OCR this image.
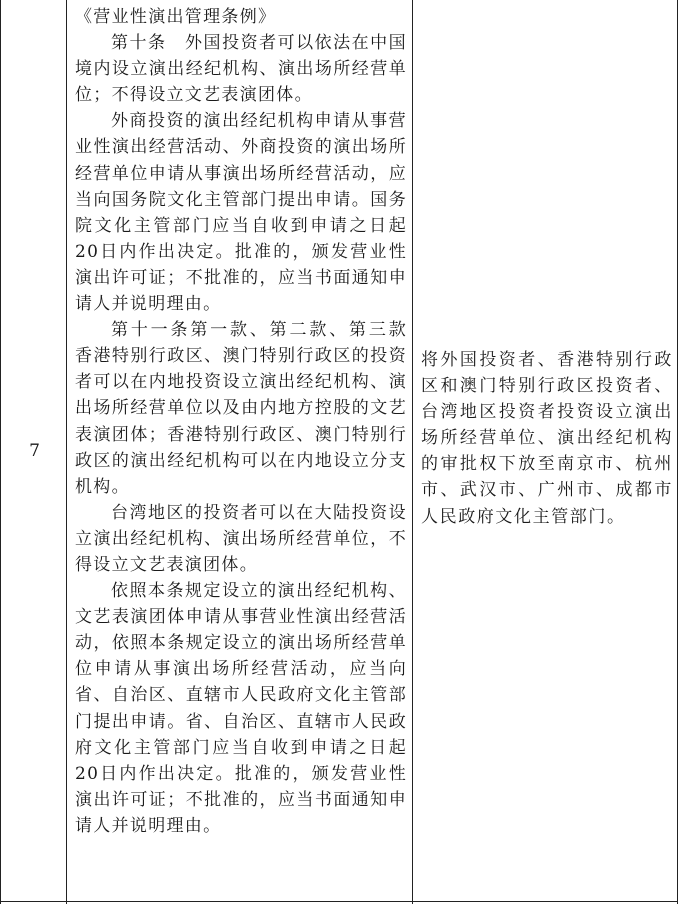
7

《营业性演出管理条例》

第十条　外国投资者可以依法在中国境内设立演出经纪机构、演出场所经营单位；不得设立文艺表演团体。

外商投资的演出经纪机构申请从事营业性演出经营活动、外商投资的演出场所经营单位申请从事演出场所经营活动，应当向国务院文化主管部门提出申请。国务院文化主管部门应当自收到申请之日起20日内作出决定。批准的，颁发营业性演出许可证；不批准的，应当书面通知申请人并说明理由。

第十一条第一款、第二款、第三款　香港特别行政区、澳门特别行政区的投资者可以在内地投资设立演出经纪机构、演出场所经营单位以及由内地方控股的文艺表演团体；香港特别行政区、澳门特别行政区的演出经纪机构可以在内地设立分支机构。

台湾地区的投资者可以在大陆投资设立演出经纪机构、演出场所经营单位，不得设立文艺表演团体。

依照本条规定设立的演出经纪机构、文艺表演团体申请从事营业性演出经营活动，依照本条规定设立的演出场所经营单位申请从事演出场所经营活动，应当向省、自治区、直辖市人民政府文化主管部门提出申请。省、自治区、直辖市人民政府文化主管部门应当自收到申请之日起20日内作出决定。批准的，颁发营业性演出许可证；不批准的，应当书面通知申请人并说明理由。

将外国投资者、香港特别行政区和澳门特别行政区投资者、台湾地区投资者投资设立演出场所经营单位、演出经纪机构的审批权下放至南京市、杭州市、武汉市、广州市、成都市人民政府文化主管部门。
